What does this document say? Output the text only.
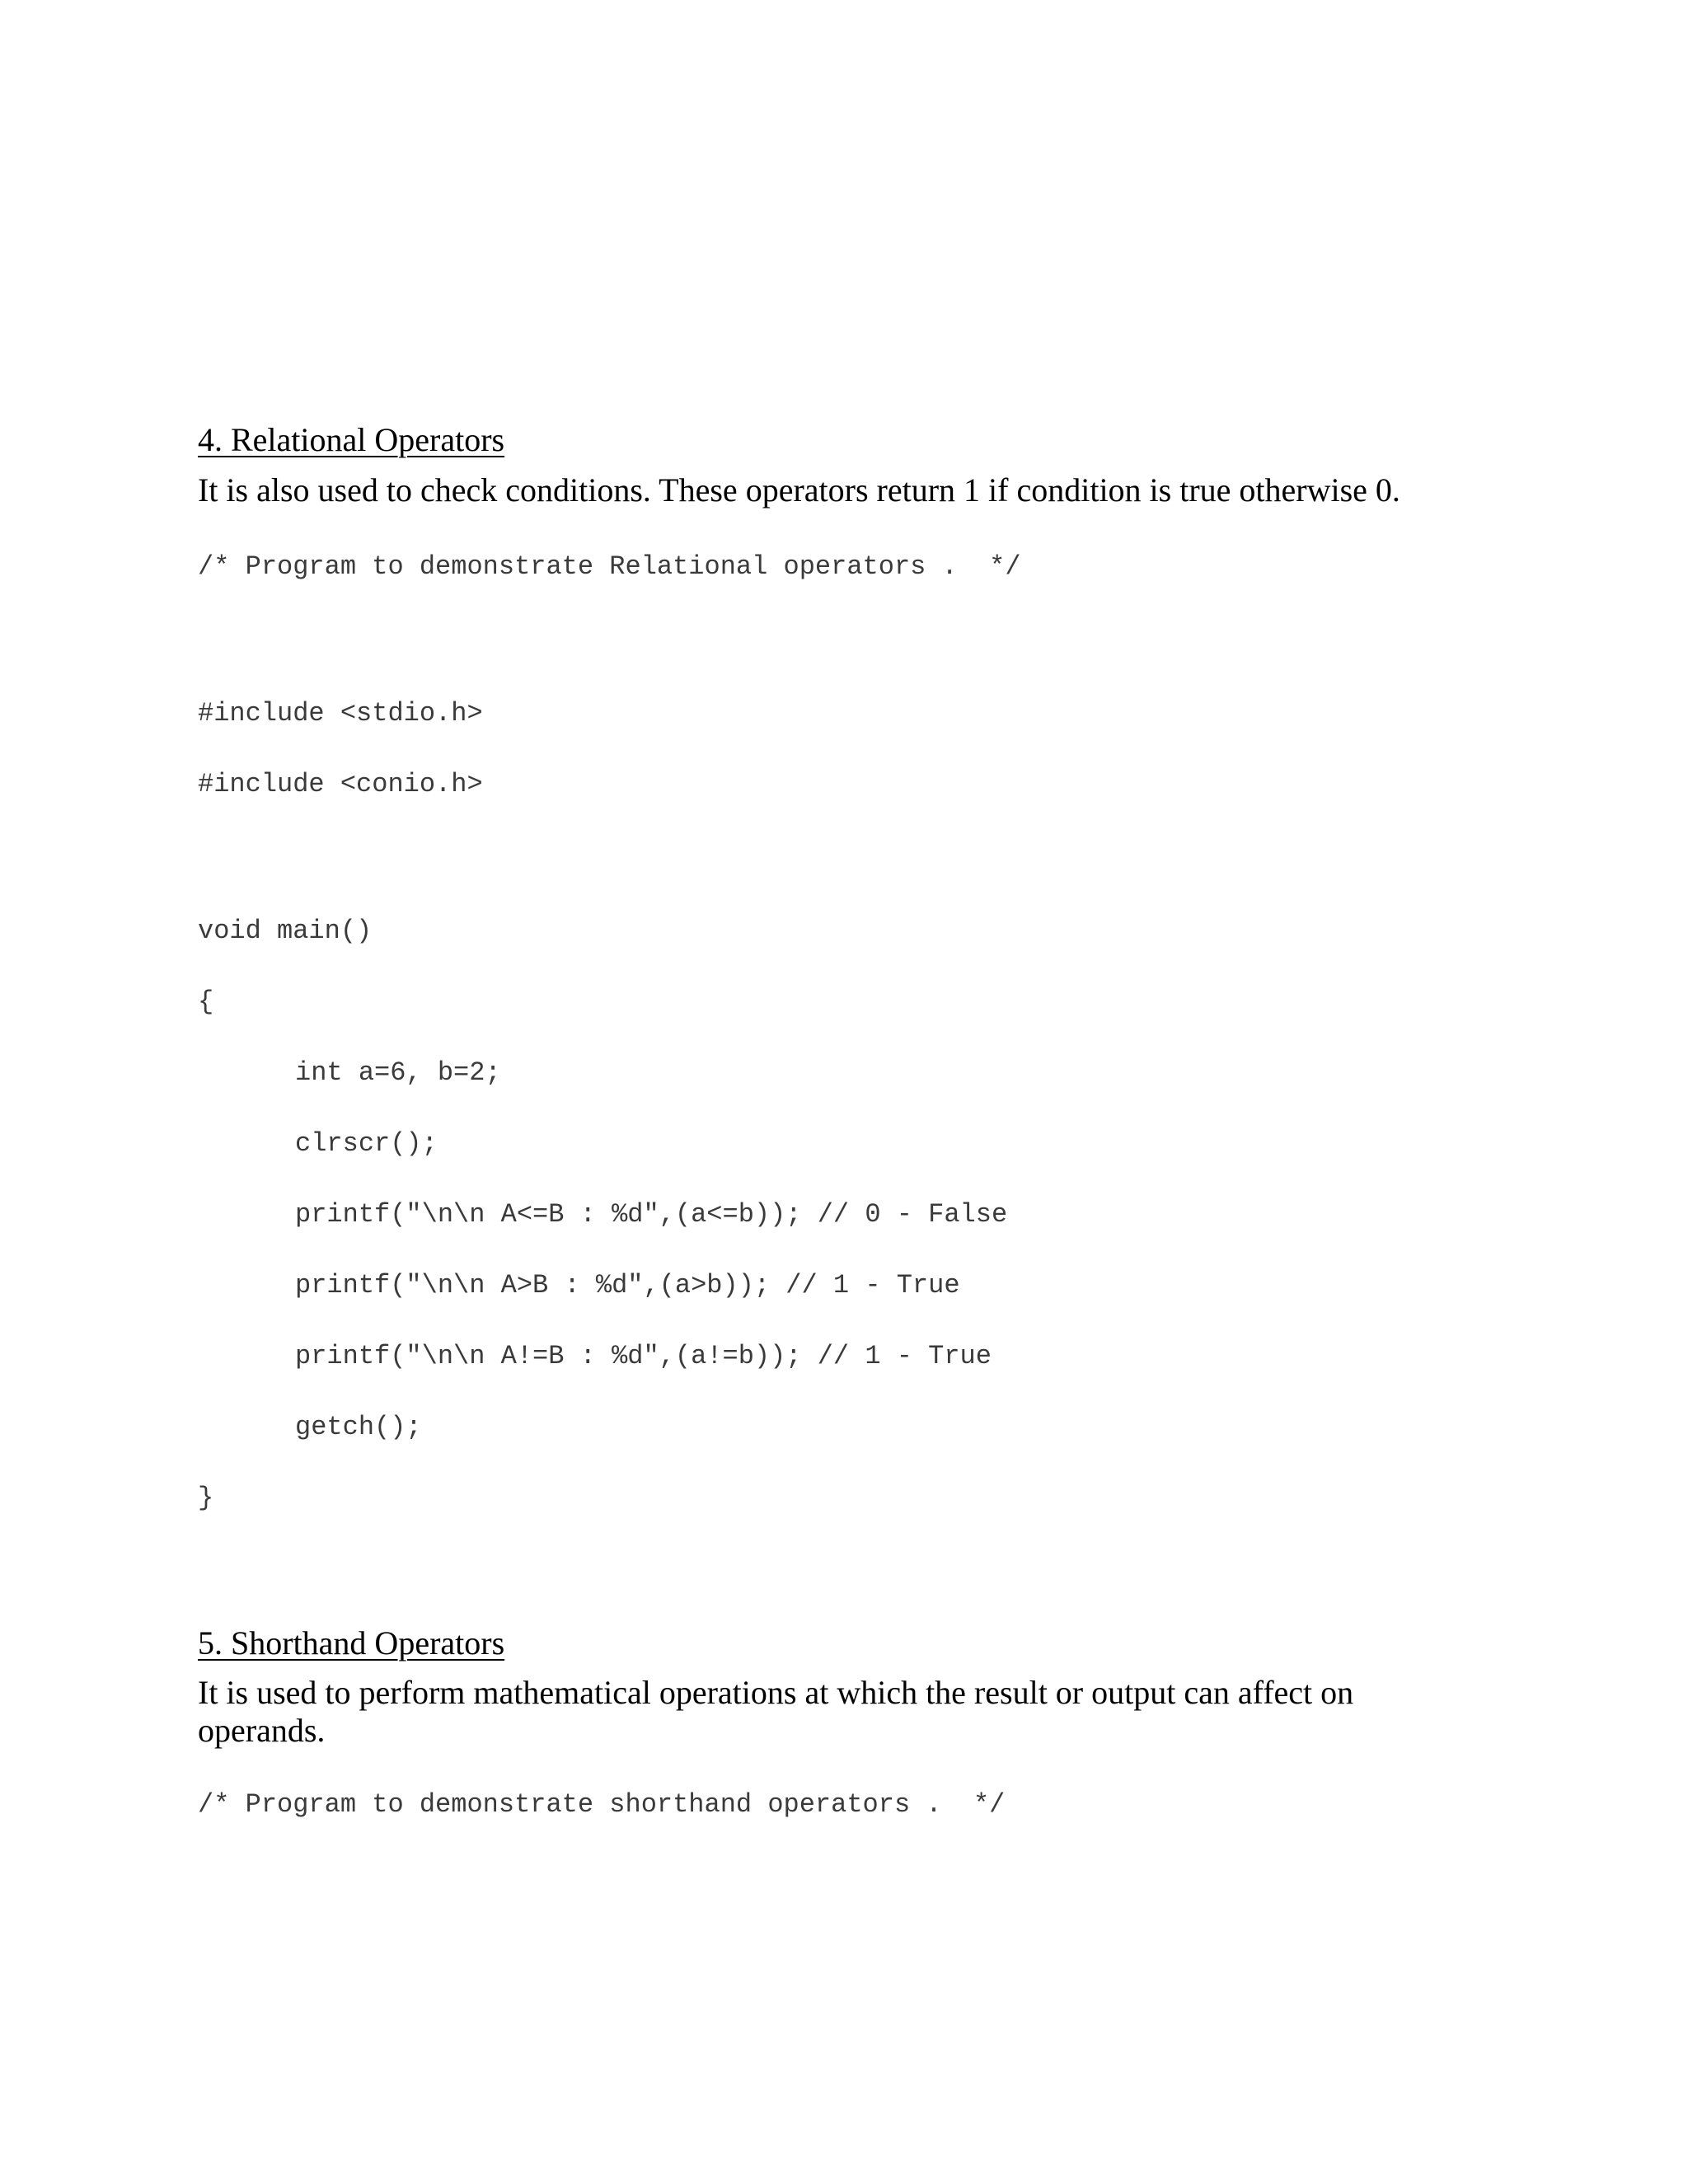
4. Relational Operators

It is also used to check conditions. These operators return 1 if condition is true otherwise 0.

/* Program to demonstrate Relational operators .  */
#include <stdio.h>
#include <conio.h>
void main()
{
int a=6, b=2;
clrscr();
printf("\n\n A<=B : %d",(a<=b)); // 0 - False
printf("\n\n A>B : %d",(a>b)); // 1 - True
printf("\n\n A!=B : %d",(a!=b)); // 1 - True
getch();
}
5. Shorthand Operators

It is used to perform mathematical operations at which the result or output can affect on operands.

/* Program to demonstrate shorthand operators .  */
